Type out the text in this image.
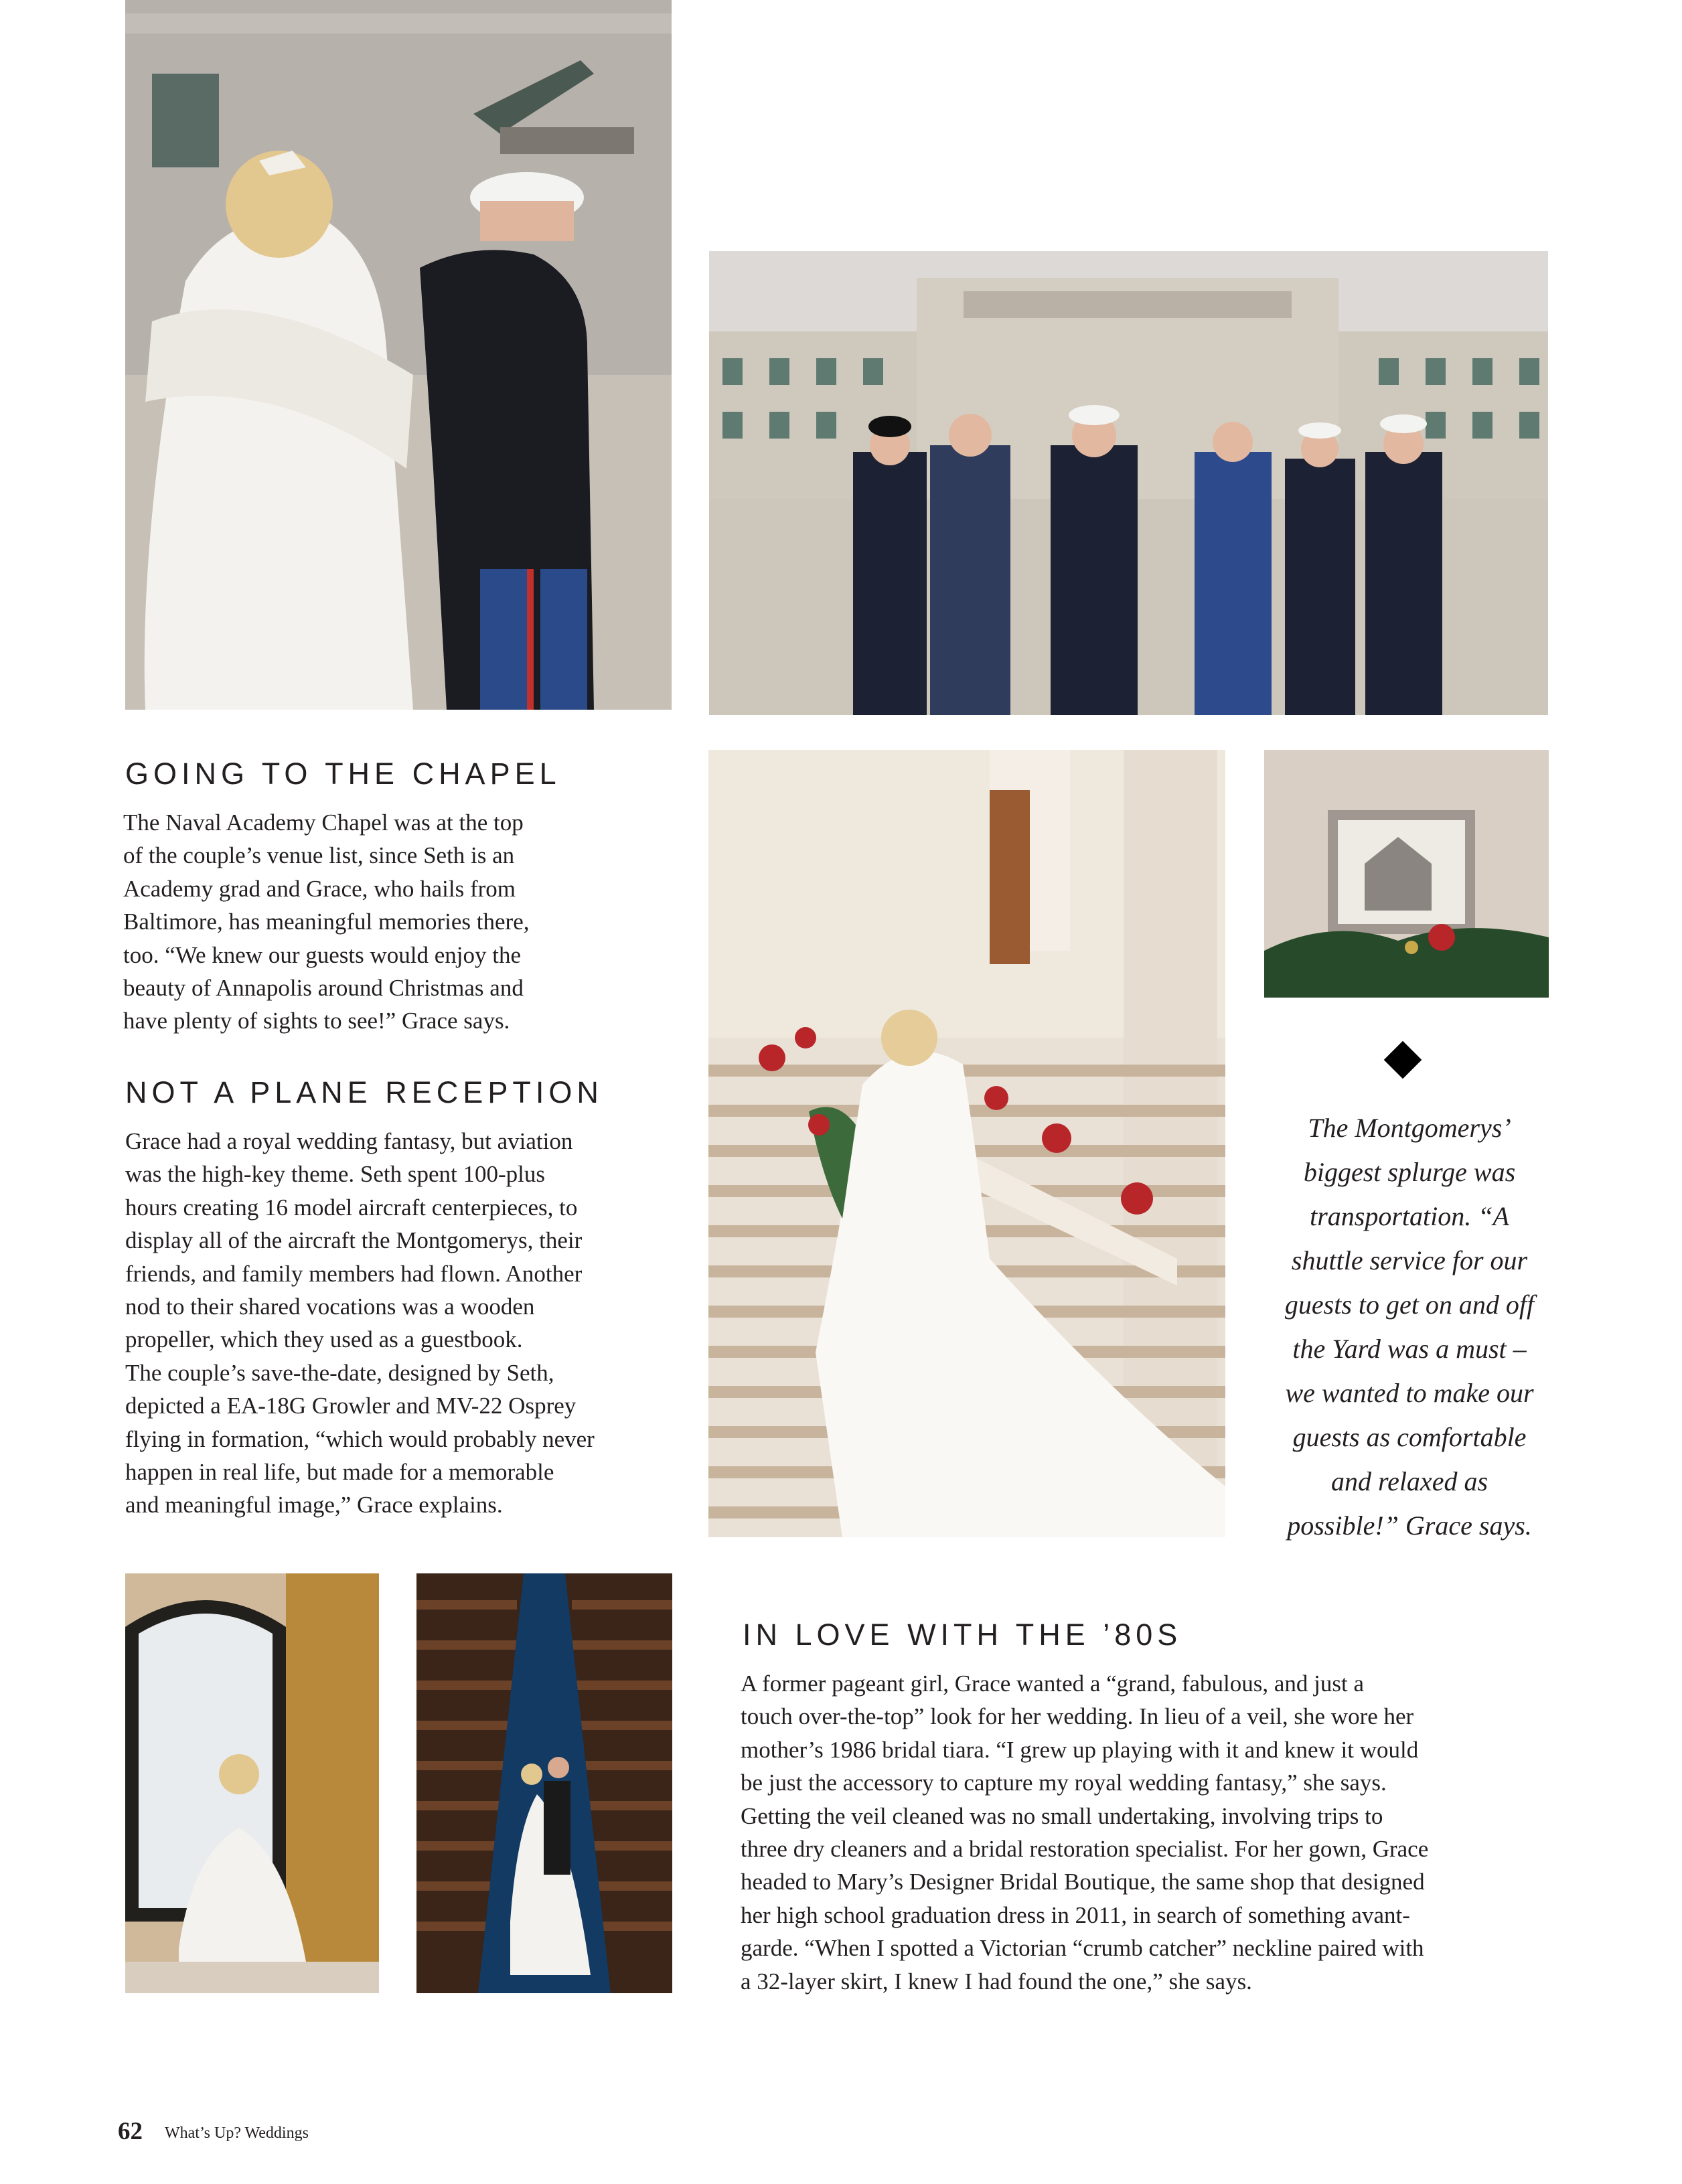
GOING TO THE CHAPEL
The Naval Academy Chapel was at the top
of the couple’s venue list, since Seth is an
Academy grad and Grace, who hails from
Baltimore, has meaningful memories there,
too. “We knew our guests would enjoy the
beauty of Annapolis around Christmas and
have plenty of sights to see!” Grace says.
NOT A PLANE RECEPTION
Grace had a royal wedding fantasy, but aviation
was the high-key theme. Seth spent 100-plus
hours creating 16 model aircraft centerpieces, to
display all of the aircraft the Montgomerys, their
friends, and family members had flown. Another
nod to their shared vocations was a wooden
propeller, which they used as a guestbook.
The couple’s save-the-date, designed by Seth,
depicted a EA-18G Growler and MV-22 Osprey
flying in formation, “which would probably never
happen in real life, but made for a memorable
and meaningful image,” Grace explains.
The Montgomerys’
biggest splurge was
transportation. “A
shuttle service for our
guests to get on and off
the Yard was a must –
we wanted to make our
guests as comfortable
and relaxed as
possible!” Grace says.
IN LOVE WITH THE ’80S
A former pageant girl, Grace wanted a “grand, fabulous, and just a
touch over-the-top” look for her wedding. In lieu of a veil, she wore her
mother’s 1986 bridal tiara. “I grew up playing with it and knew it would
be just the accessory to capture my royal wedding fantasy,” she says.
Getting the veil cleaned was no small undertaking, involving trips to
three dry cleaners and a bridal restoration specialist. For her gown, Grace
headed to Mary’s Designer Bridal Boutique, the same shop that designed
her high school graduation dress in 2011, in search of something avant-
garde. “When I spotted a Victorian “crumb catcher” neckline paired with
a 32-layer skirt, I knew I had found the one,” she says.
62 What’s Up? Weddings
